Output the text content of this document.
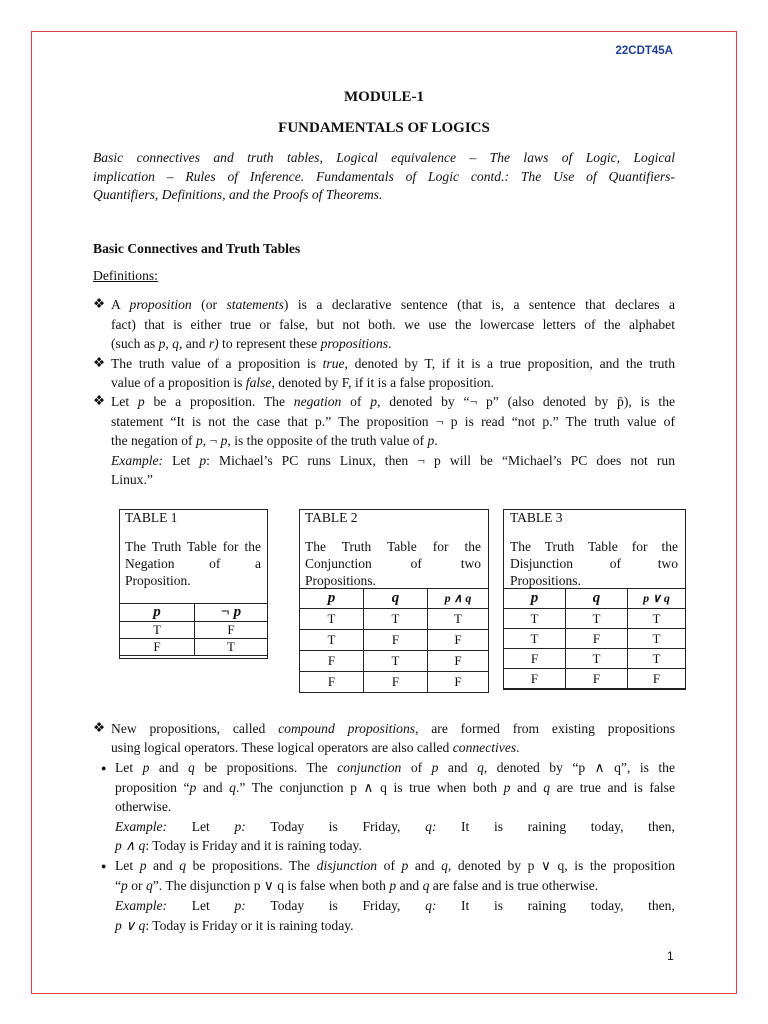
22CDT45A
MODULE-1
FUNDAMENTALS OF LOGICS
Basic connectives and truth tables, Logical equivalence – The laws of Logic, Logical
implication – Rules of Inference. Fundamentals of Logic contd.: The Use of Quantifiers-
Quantifiers, Definitions, and the Proofs of Theorems.
Basic Connectives and Truth Tables
Definitions:
❖ A proposition (or statements) is a declarative sentence (that is, a sentence that declares a
fact) that is either true or false, but not both. we use the lowercase letters of the alphabet
(such as p, q, and r) to represent these propositions.
❖ The truth value of a proposition is true, denoted by T, if it is a true proposition, and the truth
value of a proposition is false, denoted by F, if it is a false proposition.
❖ Let p be a proposition. The negation of p, denoted by “¬ p” (also denoted by p̄), is the
statement “It is not the case that p.” The proposition ¬ p is read “not p.” The truth value of
the negation of p, ¬ p, is the opposite of the truth value of p.
Example: Let p: Michael’s PC runs Linux, then ¬ p will be “Michael’s PC does not run
Linux.”
TABLE 1
The Truth Table for the Negation of a Proposition.
p	¬ p
T	F
F	T
TABLE 2
The Truth Table for the Conjunction of two Propositions.
p	q	p ∧ q
T	T	T
T	F	F
F	T	F
F	F	F
TABLE 3
The Truth Table for the Disjunction of two Propositions.
p	q	p ∨ q
T	T	T
T	F	T
F	T	T
F	F	F
❖ New propositions, called compound propositions, are formed from existing propositions
using logical operators. These logical operators are also called connectives.
● Let p and q be propositions. The conjunction of p and q, denoted by “p ∧ q”, is the
proposition “p and q.” The conjunction p ∧ q is true when both p and q are true and is false
otherwise.
Example: Let p: Today is Friday, q: It is raining today, then,
p ∧ q: Today is Friday and it is raining today.
● Let p and q be propositions. The disjunction of p and q, denoted by p ∨ q, is the proposition
“p or q”. The disjunction p ∨ q is false when both p and q are false and is true otherwise.
Example: Let p: Today is Friday, q: It is raining today, then,
p ∨ q: Today is Friday or it is raining today.
1
